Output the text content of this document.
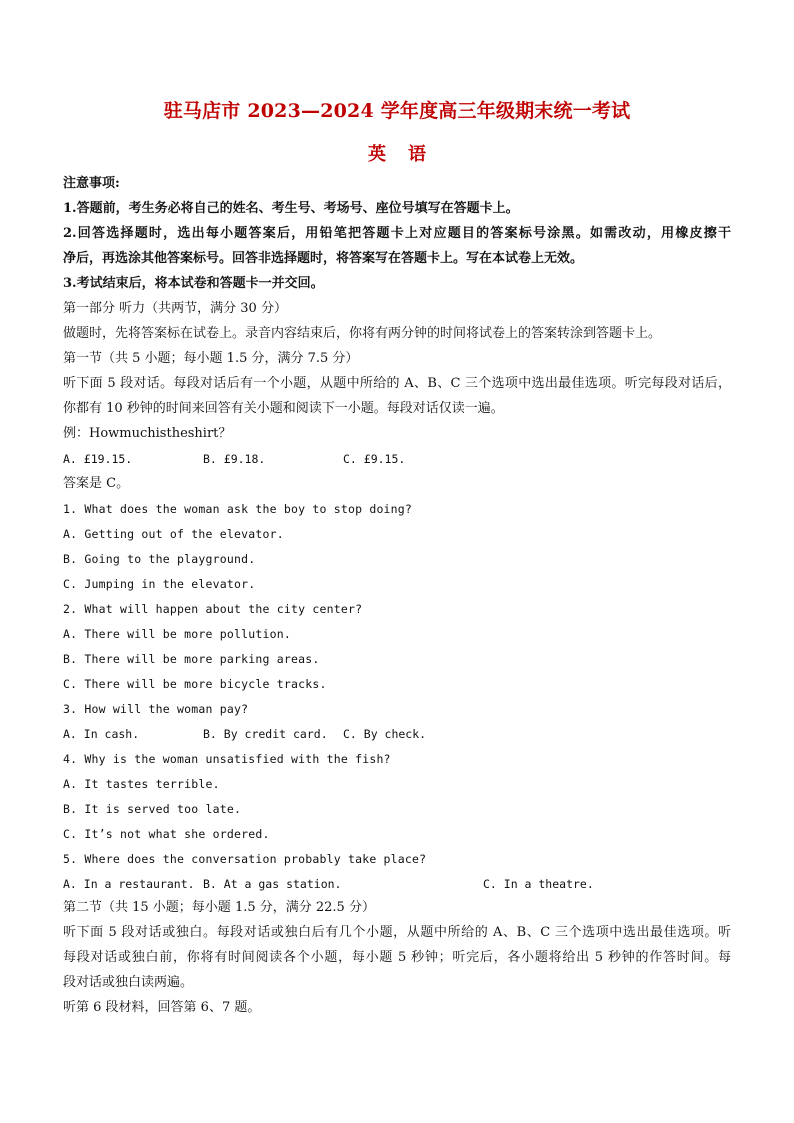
驻马店市 2023—2024 学年度高三年级期末统一考试
英语
注意事项:
1.答题前，考生务必将自己的姓名、考生号、考场号、座位号填写在答题卡上。
2.回答选择题时，选出每小题答案后，用铅笔把答题卡上对应题目的答案标号涂黑。如需改动，用橡皮擦干
净后，再选涂其他答案标号。回答非选择题时，将答案写在答题卡上。写在本试卷上无效。
3.考试结束后，将本试卷和答题卡一并交回。
第一部分 听力（共两节，满分 30 分）
做题时，先将答案标在试卷上。录音内容结束后，你将有两分钟的时间将试卷上的答案转涂到答题卡上。
第一节（共 5 小题；每小题 1.5 分，满分 7.5 分）
听下面 5 段对话。每段对话后有一个小题，从题中所给的 A、B、C 三个选项中选出最佳选项。听完每段对话后，
你都有 10 秒钟的时间来回答有关小题和阅读下一小题。每段对话仅读一遍。
例：Howmuchistheshirt？
A. £19.15.	B. £9.18.	C. £9.15.
答案是 C。
1. What does the woman ask the boy to stop doing?
A. Getting out of the elevator.
B. Going to the playground.
C. Jumping in the elevator.
2. What will happen about the city center?
A. There will be more pollution.
B. There will be more parking areas.
C. There will be more bicycle tracks.
3. How will the woman pay?
A. In cash.	B. By credit card. C. By check.
4. Why is the woman unsatisfied with the fish?
A. It tastes terrible.
B. It is served too late.
C. It’s not what she ordered.
5. Where does the conversation probably take place?
A. In a restaurant. B. At a gas station.	C. In a theatre.
第二节（共 15 小题；每小题 1.5 分，满分 22.5 分）
听下面 5 段对话或独白。每段对话或独白后有几个小题，从题中所给的 A、B、C 三个选项中选出最佳选项。听
每段对话或独白前，你将有时间阅读各个小题，每小题 5 秒钟；听完后，各小题将给出 5 秒钟的作答时间。每
段对话或独白读两遍。
听第 6 段材料，回答第 6、7 题。
